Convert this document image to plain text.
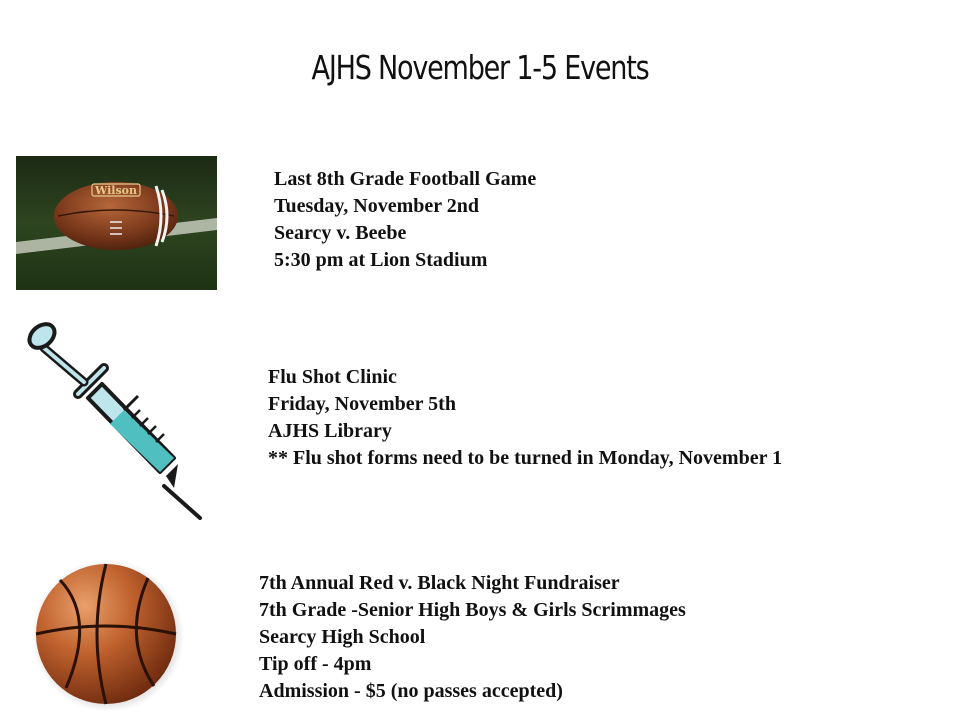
AJHS November 1-5 Events
Wilson
Last 8th Grade Football Game
Tuesday, November 2nd
Searcy v. Beebe
5:30 pm at Lion Stadium
Flu Shot Clinic
Friday, November 5th
AJHS Library
** Flu shot forms need to be turned in Monday, November 1
7th Annual Red v. Black Night Fundraiser
7th Grade -Senior High Boys & Girls Scrimmages
Searcy High School
Tip off - 4pm
Admission - $5 (no passes accepted)
